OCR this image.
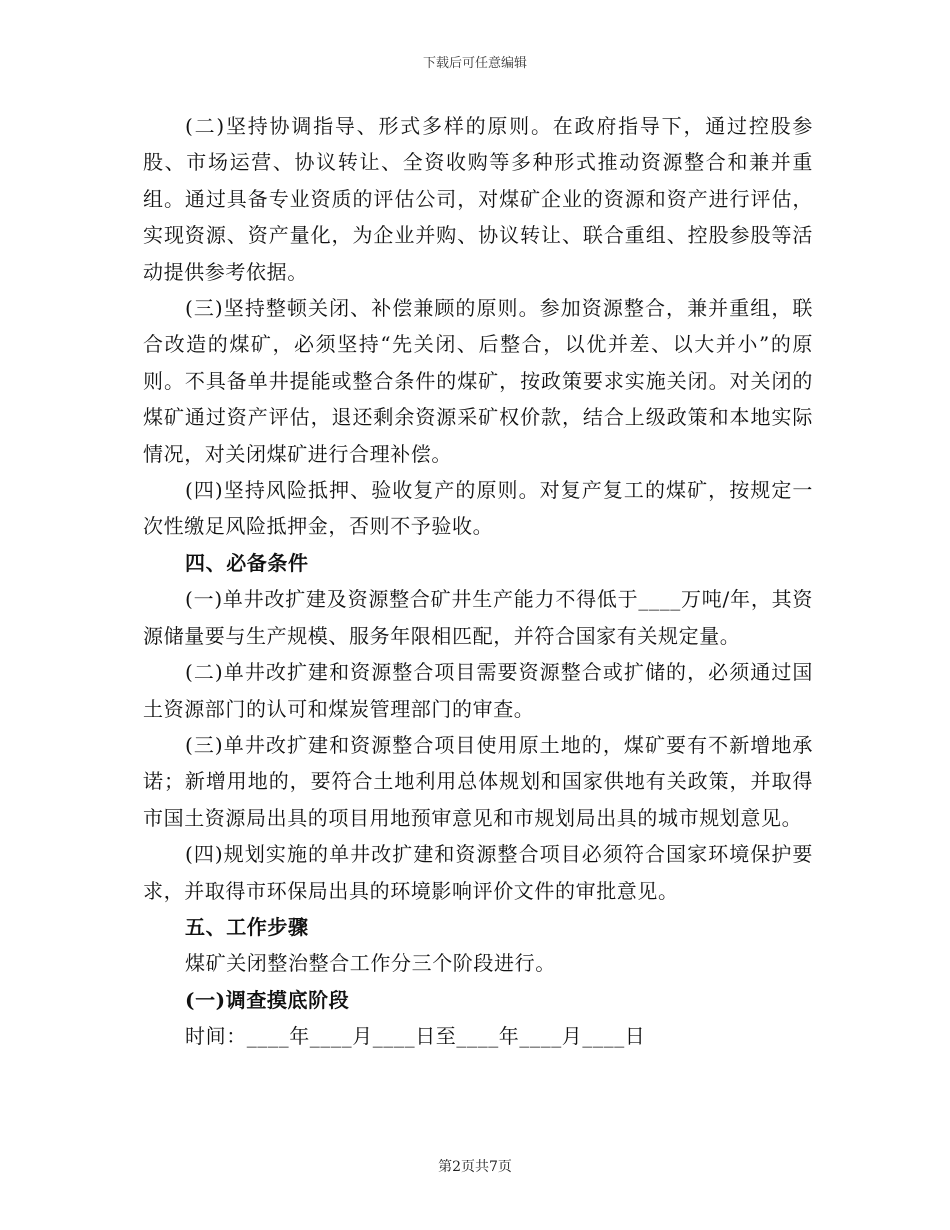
下载后可任意编辑

(二)坚持协调指导、形式多样的原则。在政府指导下，通过控股参股、市场运营、协议转让、全资收购等多种形式推动资源整合和兼并重组。通过具备专业资质的评估公司，对煤矿企业的资源和资产进行评估，实现资源、资产量化，为企业并购、协议转让、联合重组、控股参股等活动提供参考依据。

(三)坚持整顿关闭、补偿兼顾的原则。参加资源整合，兼并重组，联合改造的煤矿，必须坚持“先关闭、后整合，以优并差、以大并小”的原则。不具备单井提能或整合条件的煤矿，按政策要求实施关闭。对关闭的煤矿通过资产评估，退还剩余资源采矿权价款，结合上级政策和本地实际情况，对关闭煤矿进行合理补偿。

(四)坚持风险抵押、验收复产的原则。对复产复工的煤矿，按规定一次性缴足风险抵押金，否则不予验收。

四、必备条件

(一)单井改扩建及资源整合矿井生产能力不得低于____万吨/年，其资源储量要与生产规模、服务年限相匹配，并符合国家有关规定量。

(二)单井改扩建和资源整合项目需要资源整合或扩储的，必须通过国土资源部门的认可和煤炭管理部门的审查。

(三)单井改扩建和资源整合项目使用原土地的，煤矿要有不新增地承诺；新增用地的，要符合土地利用总体规划和国家供地有关政策，并取得市国土资源局出具的项目用地预审意见和市规划局出具的城市规划意见。

(四)规划实施的单井改扩建和资源整合项目必须符合国家环境保护要求，并取得市环保局出具的环境影响评价文件的审批意见。

五、工作步骤

煤矿关闭整治整合工作分三个阶段进行。

(一)调查摸底阶段

时间：____年____月____日至____年____月____日

第2页共7页
